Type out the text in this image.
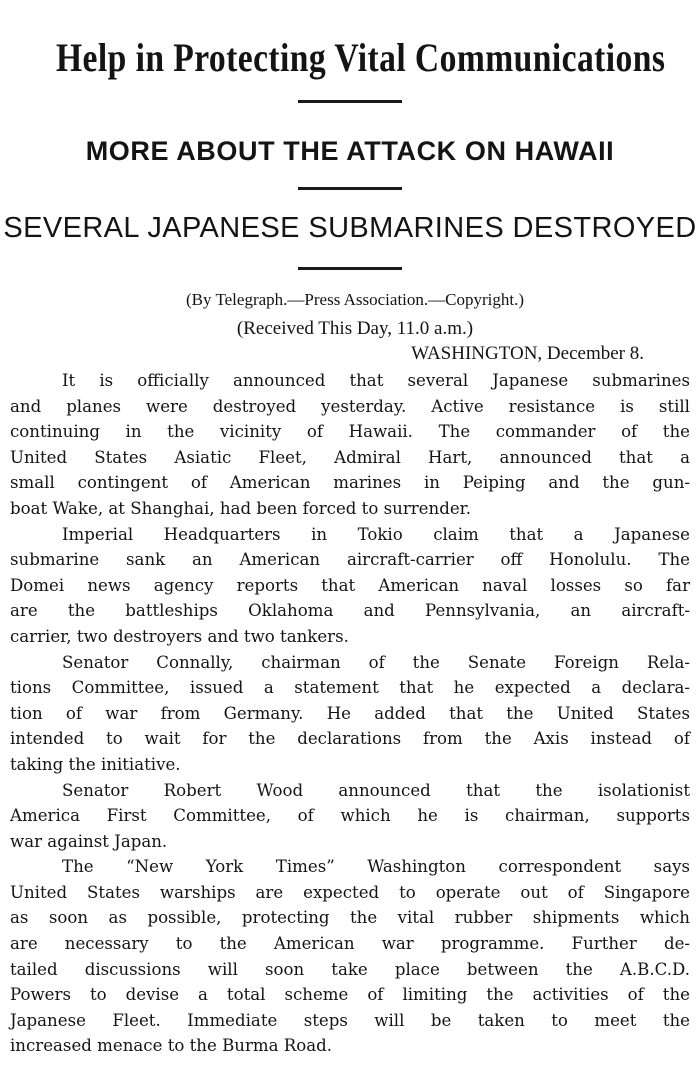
Help in Protecting Vital Communications
MORE ABOUT THE ATTACK ON HAWAII
SEVERAL JAPANESE SUBMARINES DESTROYED
(By Telegraph.—Press Association.—Copyright.)
(Received This Day, 11.0 a.m.)
WASHINGTON, December 8.
It is officially announced that several Japanese submarines
and planes were destroyed yesterday. Active resistance is still
continuing in the vicinity of Hawaii. The commander of the
United States Asiatic Fleet, Admiral Hart, announced that a
small contingent of American marines in Peiping and the gun-
boat Wake, at Shanghai, had been forced to surrender.
Imperial Headquarters in Tokio claim that a Japanese
submarine sank an American aircraft-carrier off Honolulu. The
Domei news agency reports that American naval losses so far
are the battleships Oklahoma and Pennsylvania, an aircraft-
carrier, two destroyers and two tankers.
Senator Connally, chairman of the Senate Foreign Rela-
tions Committee, issued a statement that he expected a declara-
tion of war from Germany. He added that the United States
intended to wait for the declarations from the Axis instead of
taking the initiative.
Senator Robert Wood announced that the isolationist
America First Committee, of which he is chairman, supports
war against Japan.
The “New York Times” Washington correspondent says
United States warships are expected to operate out of Singapore
as soon as possible, protecting the vital rubber shipments which
are necessary to the American war programme. Further de-
tailed discussions will soon take place between the A.B.C.D.
Powers to devise a total scheme of limiting the activities of the
Japanese Fleet. Immediate steps will be taken to meet the
increased menace to the Burma Road.
